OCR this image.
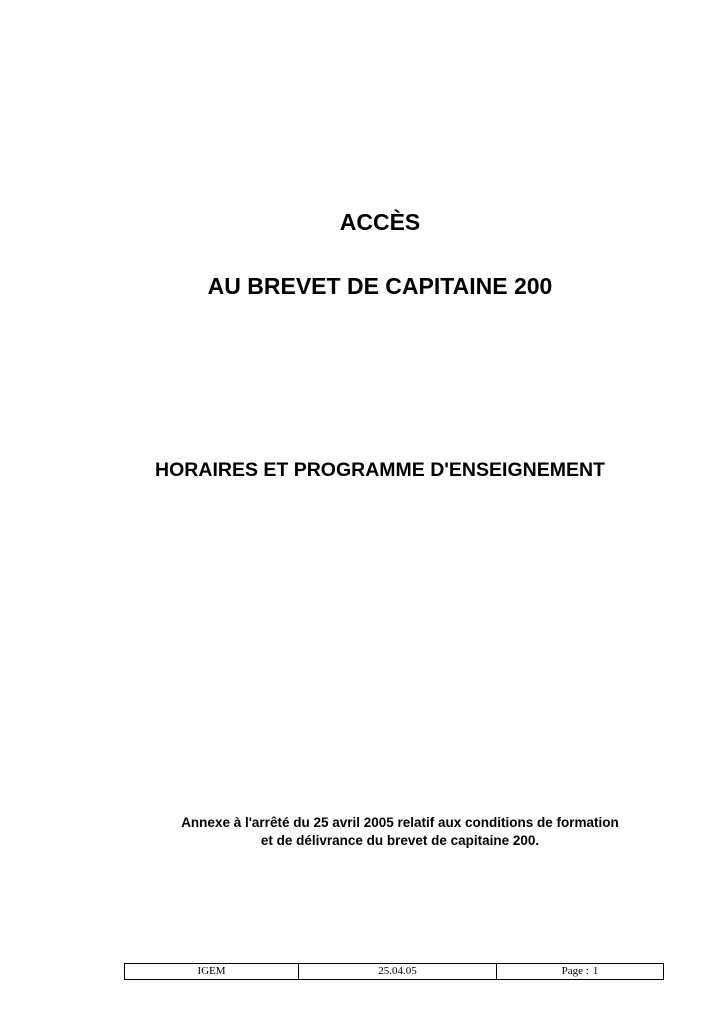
ACCÈS
AU BREVET DE CAPITAINE 200
HORAIRES ET PROGRAMME D'ENSEIGNEMENT
Annexe à l'arrêté du 25 avril 2005 relatif aux conditions de formation
et de délivrance du brevet de capitaine 200.
IGEM	25.04.05	Page : 1
